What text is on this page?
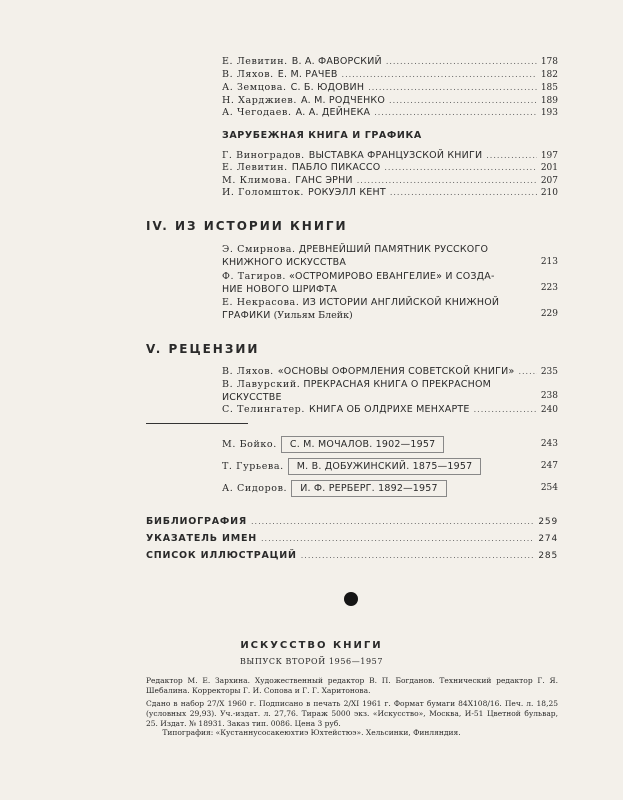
Е. Левитин. В. А. ФАВОРСКИЙ .....	178
В. Ляхов. Е. М. РАЧЕВ .....	182
А. Земцова. С. Б. ЮДОВИН .....	185
Н. Харджиев. А. М. РОДЧЕНКО .....	189
А. Чегодаев. А. А. ДЕЙНЕКА .....	193
ЗАРУБЕЖНАЯ КНИГА И ГРАФИКА
Г. Виноградов. ВЫСТАВКА ФРАНЦУЗСКОЙ КНИГИ .....	197
Е. Левитин. ПАБЛО ПИКАССО .....	201
М. Климова. ГАНС ЭРНИ .....	207
И. Голомшток. РОКУЭЛЛ КЕНТ .....	210
IV. ИЗ ИСТОРИИ КНИГИ
Э. Смирнова. ДРЕВНЕЙШИЙ ПАМЯТНИК РУССКОГО
КНИЖНОГО ИСКУССТВА	213
Ф. Тагиров. «ОСТРОМИРОВО ЕВАНГЕЛИЕ» И СОЗДА-
НИЕ НОВОГО ШРИФТА	223
Е. Некрасова. ИЗ ИСТОРИИ АНГЛИЙСКОЙ КНИЖНОЙ
ГРАФИКИ (Уильям Блейк)	229
V. РЕЦЕНЗИИ
В. Ляхов. «ОСНОВЫ ОФОРМЛЕНИЯ СОВЕТСКОЙ КНИГИ» .....	235
В. Лавурский. ПРЕКРАСНАЯ КНИГА О ПРЕКРАСНОМ
ИСКУССТВЕ	238
С. Телингатер. КНИГА ОБ ОЛДРИХЕ МЕНХАРТЕ .....	240
М. Бойко.	С. М. МОЧАЛОВ. 1902—1957	243
Т. Гурьева.	М. В. ДОБУЖИНСКИЙ. 1875—1957	247
А. Сидоров.	И. Ф. РЕРБЕРГ. 1892—1957	254
БИБЛИОГРАФИЯ .....	259
УКАЗАТЕЛЬ ИМЕН .....	274
СПИСОК ИЛЛЮСТРАЦИЙ .....	285
ИСКУССТВО КНИГИ
ВЫПУСК ВТОРОЙ 1956—1957
Редактор М. Е. Зархина. Художественный редактор В. П. Богданов. Технический редактор Г. Я. Шебалина. Корректоры Г. И. Сопова и Г. Г. Харитонова.
Сдано в набор 27/X 1960 г. Подписано в печать 2/XI 1961 г. Формат бумаги 84Х108/16. Печ. л. 18,25 (условных 29,93). Уч.-издат. л. 27,76. Тираж 5000 экз. «Искусство», Москва, И-51 Цветной бульвар, 25. Издат. № 18931. Заказ тип. 0086. Цена 3 руб.
Типография: «Кустаннусосакеюхтиэ Юхтейстюэ». Хельсинки, Финляндия.
